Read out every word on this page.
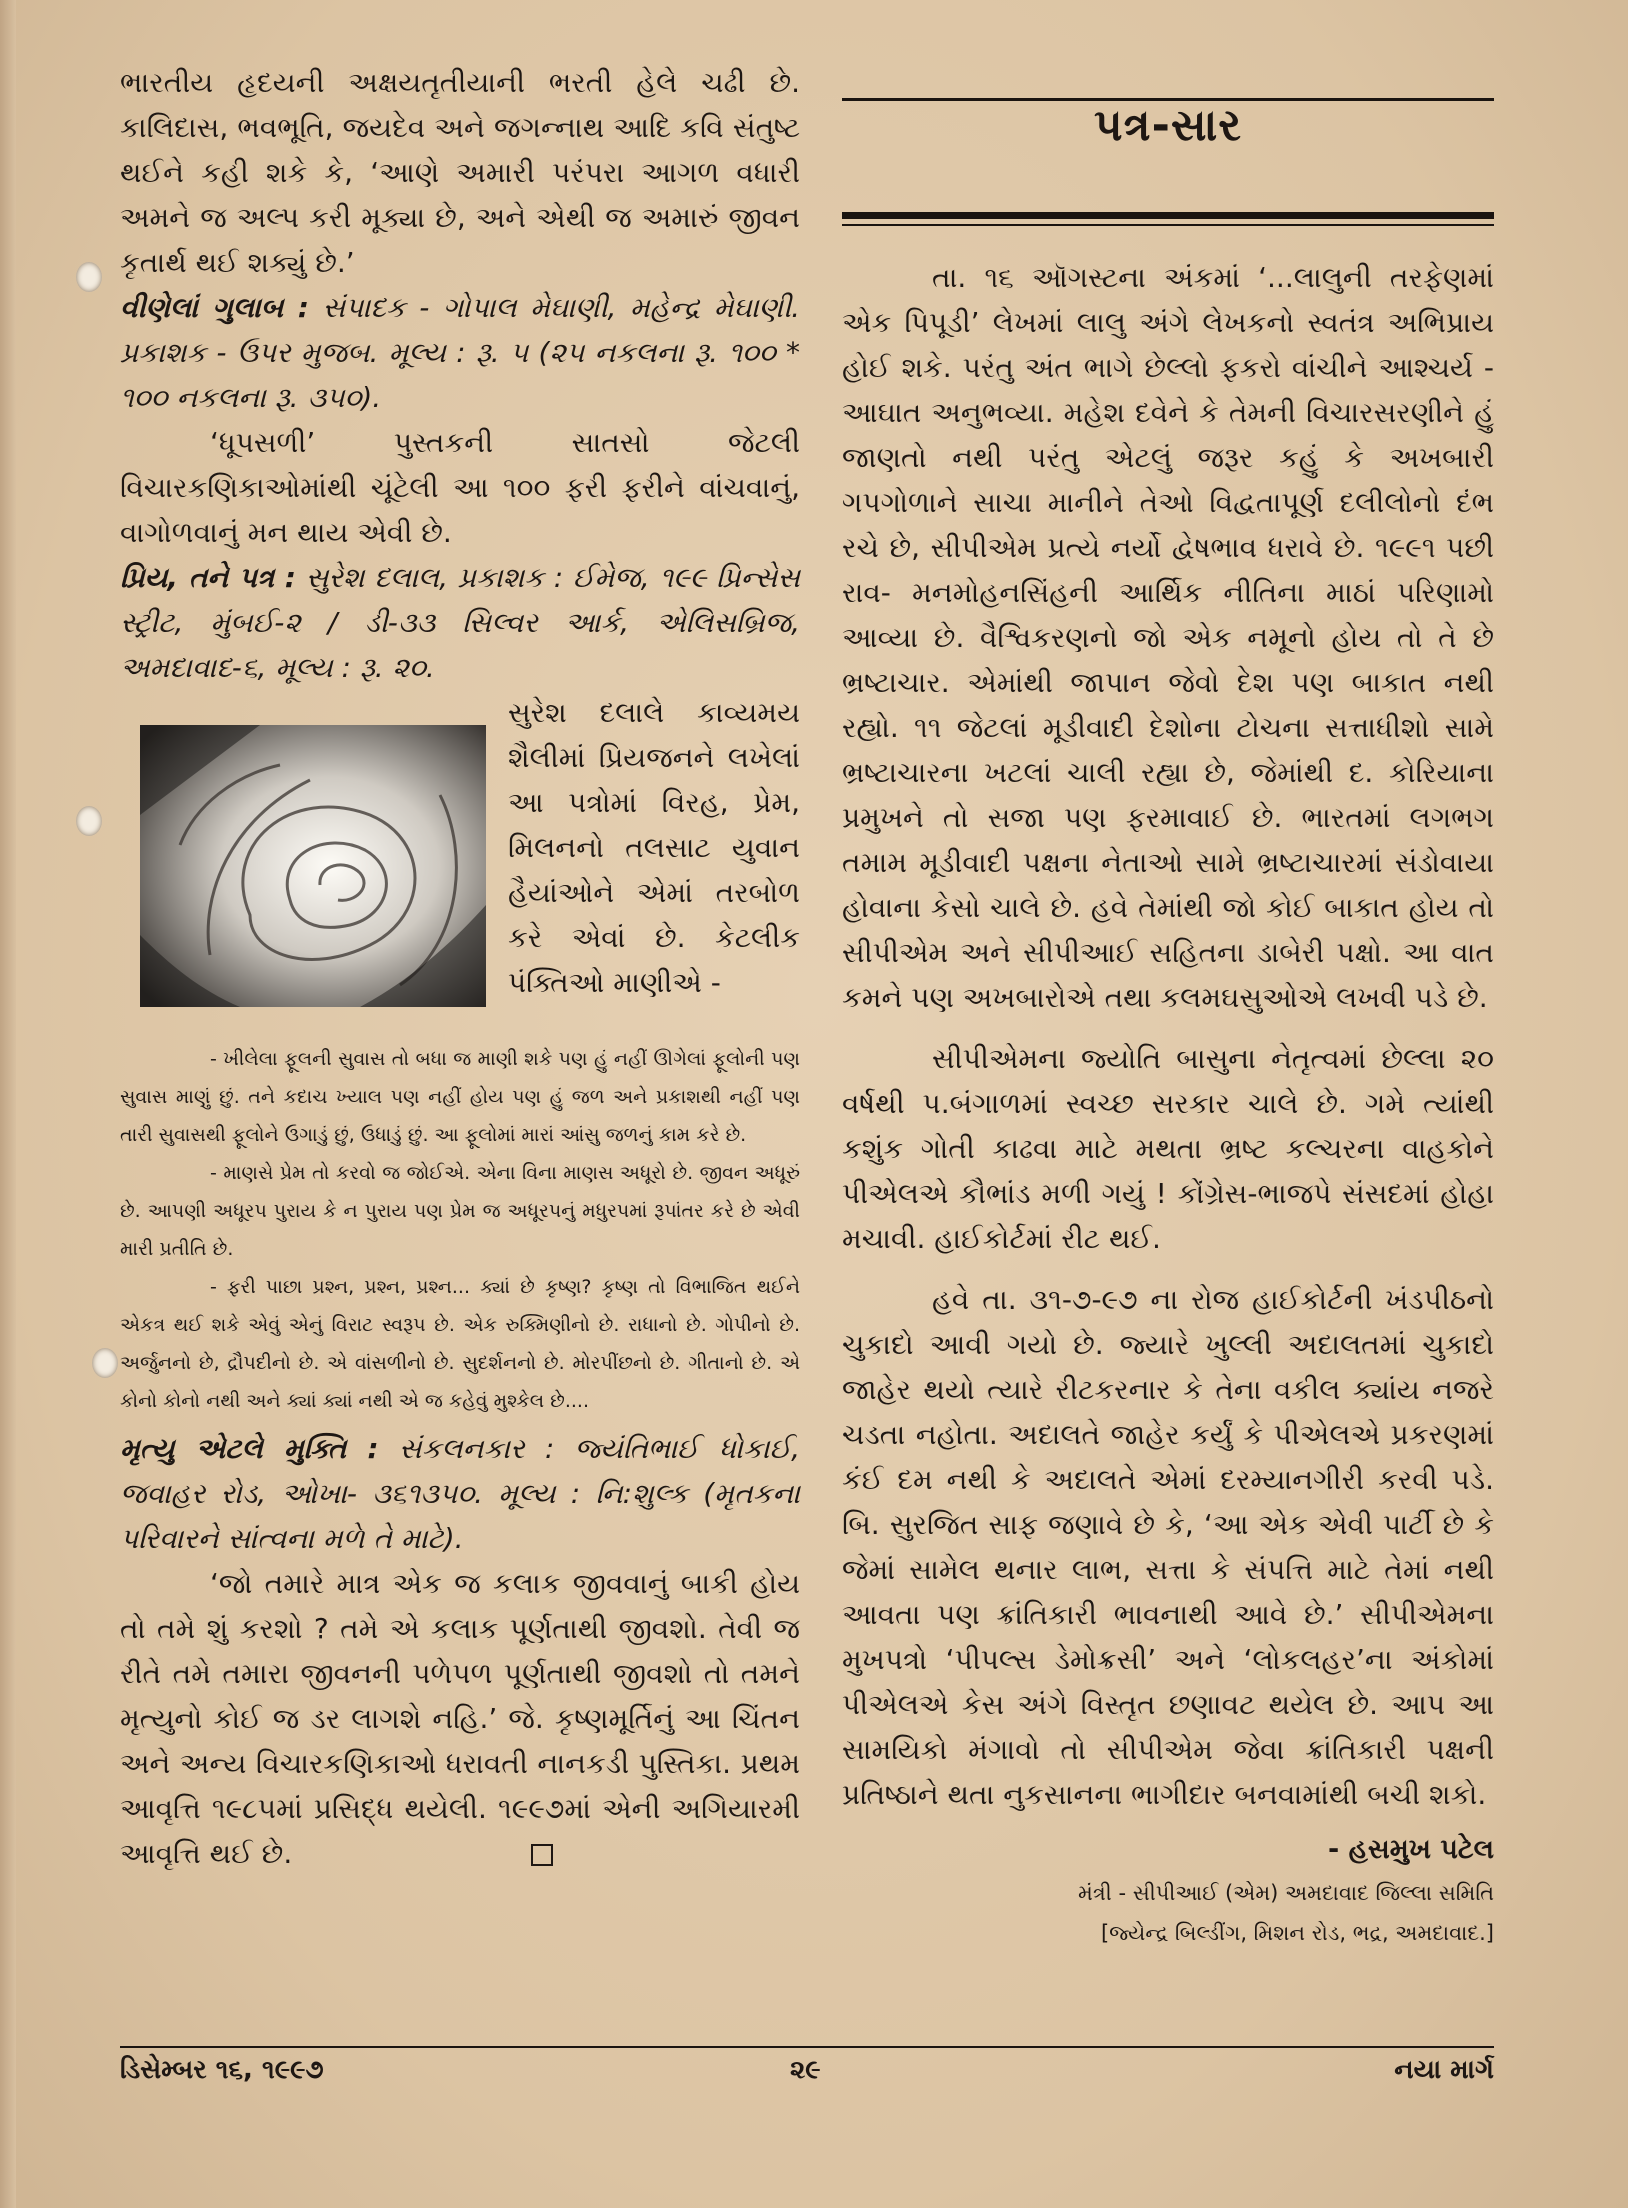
ભારતીય હૃદયની અક્ષયતૃતીયાની ભરતી હેલે ચઢી છે. કાલિદાસ, ભવભૂતિ, જયદેવ અને જગન્નાથ આદિ કવિ સંતુષ્ટ થઈને કહી શકે કે, ‘આણે અમારી પરંપરા આગળ વધારી અમને જ અલ્પ કરી મૂક્યા છે, અને એથી જ અમારું જીવન કૃતાર્થ થઈ શક્યું છે.’

વીણેલાં ગુલાબ : સંપાદક - ગોપાલ મેઘાણી, મહેન્દ્ર મેઘાણી. પ્રકાશક - ઉપર મુજબ. મૂલ્ય : રૂ. ૫ (૨૫ નકલના રૂ. ૧૦૦ * ૧૦૦ નકલના રૂ. ૩૫૦).

‘ધૂપસળી’ પુસ્તકની સાતસો જેટલી વિચારકણિકાઓમાંથી ચૂંટેલી આ ૧૦૦ ફરી ફરીને વાંચવાનું, વાગોળવાનું મન થાય એવી છે.

પ્રિય, તને પત્ર : સુરેશ દલાલ, પ્રકાશક : ઈમેજ, ૧૯૯ પ્રિન્સેસ સ્ટ્રીટ, મુંબઈ-૨ / ડી-૩૩ સિલ્વર આર્ક, એલિસબ્રિજ, અમદાવાદ-૬, મૂલ્ય : રૂ. ૨૦.

સુરેશ દલાલે કાવ્યમય શૈલીમાં પ્રિયજનને લખેલાં આ પત્રોમાં વિરહ, પ્રેમ, મિલનનો તલસાટ યુવાન હૈયાંઓને એમાં તરબોળ કરે એવાં છે. કેટલીક પંક્તિઓ માણીએ -

- ખીલેલા ફૂલની સુવાસ તો બધા જ માણી શકે પણ હું નહીં ઊગેલાં ફૂલોની પણ સુવાસ માણું છું. તને કદાચ ખ્યાલ પણ નહીં હોય પણ હું જળ અને પ્રકાશથી નહીં પણ તારી સુવાસથી ફૂલોને ઉગાડું છું, ઉધાડું છું. આ ફૂલોમાં મારાં આંસુ જળનું કામ કરે છે.

- માણસે પ્રેમ તો કરવો જ જોઈએ. એના વિના માણસ અધૂરો છે. જીવન અધૂરું છે. આપણી અધૂરપ પુરાય કે ન પુરાય પણ પ્રેમ જ અધૂરપનું મધુરપમાં રૂપાંતર કરે છે એવી મારી પ્રતીતિ છે.

- ફરી પાછા પ્રશ્ન, પ્રશ્ન, પ્રશ્ન... ક્યાં છે કૃષ્ણ? કૃષ્ણ તો વિભાજિત થઈને એકત્ર થઈ શકે એવું એનું વિરાટ સ્વરૂપ છે. એક રુક્મિણીનો છે. રાધાનો છે. ગોપીનો છે. અર્જુનનો છે, દ્રૌપદીનો છે. એ વાંસળીનો છે. સુદર્શનનો છે. મોરપીંછનો છે. ગીતાનો છે. એ કોનો કોનો નથી અને ક્યાં ક્યાં નથી એ જ કહેવું મુશ્કેલ છે....

મૃત્યુ એટલે મુક્તિ : સંકલનકાર : જ્યંતિભાઈ ધોકાઈ, જવાહર રોડ, ઓખા- ૩૬૧૩૫૦. મૂલ્ય : નિ:શુલ્ક (મૃતકના પરિવારને સાંત્વના મળે તે માટે).

‘જો તમારે માત્ર એક જ કલાક જીવવાનું બાકી હોય તો તમે શું કરશો ? તમે એ કલાક પૂર્ણતાથી જીવશો. તેવી જ રીતે તમે તમારા જીવનની પળેપળ પૂર્ણતાથી જીવશો તો તમને મૃત્યુનો કોઈ જ ડર લાગશે નહિ.’ જે. કૃષ્ણમૂર્તિનું આ ચિંતન અને અન્ય વિચારકણિકાઓ ધરાવતી નાનકડી પુસ્તિકા. પ્રથમ આવૃત્તિ ૧૯૮૫માં પ્રસિદ્ધ થયેલી. ૧૯૯૭માં એની અગિયારમી આવૃત્તિ થઈ છે.

પત્ર-સાર

તા. ૧૬ ઑગસ્ટના અંકમાં ‘...લાલુની તરફેણમાં એક પિપૂડી’ લેખમાં લાલુ અંગે લેખકનો સ્વતંત્ર અભિપ્રાય હોઈ શકે. પરંતુ અંત ભાગે છેલ્લો ફકરો વાંચીને આશ્ચર્ય - આઘાત અનુભવ્યા. મહેશ દવેને કે તેમની વિચારસરણીને હું જાણતો નથી પરંતુ એટલું જરૂર કહું કે અખબારી ગપગોળાને સાચા માનીને તેઓ વિદ્વતાપૂર્ણ દલીલોનો દંભ રચે છે, સીપીએમ પ્રત્યે નર્યો દ્વેષભાવ ધરાવે છે. ૧૯૯૧ પછી રાવ- મનમોહનસિંહની આર્થિક નીતિના માઠાં પરિણામો આવ્યા છે. વૈશ્વિકરણનો જો એક નમૂનો હોય તો તે છે ભ્રષ્ટાચાર. એમાંથી જાપાન જેવો દેશ પણ બાકાત નથી રહ્યો. ૧૧ જેટલાં મૂડીવાદી દેશોના ટોચના સત્તાધીશો સામે ભ્રષ્ટાચારના ખટલાં ચાલી રહ્યા છે, જેમાંથી દ. કોરિયાના પ્રમુખને તો સજા પણ ફરમાવાઈ છે. ભારતમાં લગભગ તમામ મૂડીવાદી પક્ષના નેતાઓ સામે ભ્રષ્ટાચારમાં સંડોવાયા હોવાના કેસો ચાલે છે. હવે તેમાંથી જો કોઈ બાકાત હોય તો સીપીએમ અને સીપીઆઈ સહિતના ડાબેરી પક્ષો. આ વાત કમને પણ અખબારોએ તથા કલમઘસુઓએ લખવી પડે છે.

સીપીએમના જ્યોતિ બાસુના નેતૃત્વમાં છેલ્લા ૨૦ વર્ષથી પ.બંગાળમાં સ્વચ્છ સરકાર ચાલે છે. ગમે ત્યાંથી કશુંક ગોતી કાઢવા માટે મથતા ભ્રષ્ટ કલ્ચરના વાહકોને પીએલએ કૌભાંડ મળી ગયું ! કોંગ્રેસ-ભાજપે સંસદમાં હોહા મચાવી. હાઈકોર્ટમાં રીટ થઈ.

હવે તા. ૩૧-૭-૯૭ ના રોજ હાઈકોર્ટની ખંડપીઠનો ચુકાદો આવી ગયો છે. જ્યારે ખુલ્લી અદાલતમાં ચુકાદો જાહેર થયો ત્યારે રીટકરનાર કે તેના વકીલ ક્યાંય નજરે ચડતા નહોતા. અદાલતે જાહેર કર્યું કે પીએલએ પ્રકરણમાં કંઈ દમ નથી કે અદાલતે એમાં દરમ્યાનગીરી કરવી પડે. બિ. સુરજિત સાફ જણાવે છે કે, ‘આ એક એવી પાર્ટી છે કે જેમાં સામેલ થનાર લાભ, સત્તા કે સંપત્તિ માટે તેમાં નથી આવતા પણ ક્રાંતિકારી ભાવનાથી આવે છે.’ સીપીએમના મુખપત્રો ‘પીપલ્સ ડેમોક્રસી’ અને ‘લોકલહર’ના અંકોમાં પીએલએ કેસ અંગે વિસ્તૃત છણાવટ થયેલ છે. આપ આ સામયિકો મંગાવો તો સીપીએમ જેવા ક્રાંતિકારી પક્ષની પ્રતિષ્ઠાને થતા નુકસાનના ભાગીદાર બનવામાંથી બચી શકો.

- હસમુખ પટેલ

મંત્રી - સીપીઆઈ (એમ) અમદાવાદ જિલ્લા સમિતિ

[જ્યેન્દ્ર બિલ્ડીંગ, મિશન રોડ, ભદ્ર, અમદાવાદ.]

ડિસેમ્બર ૧૬, ૧૯૯૭	૨૯	નયા માર્ગ
